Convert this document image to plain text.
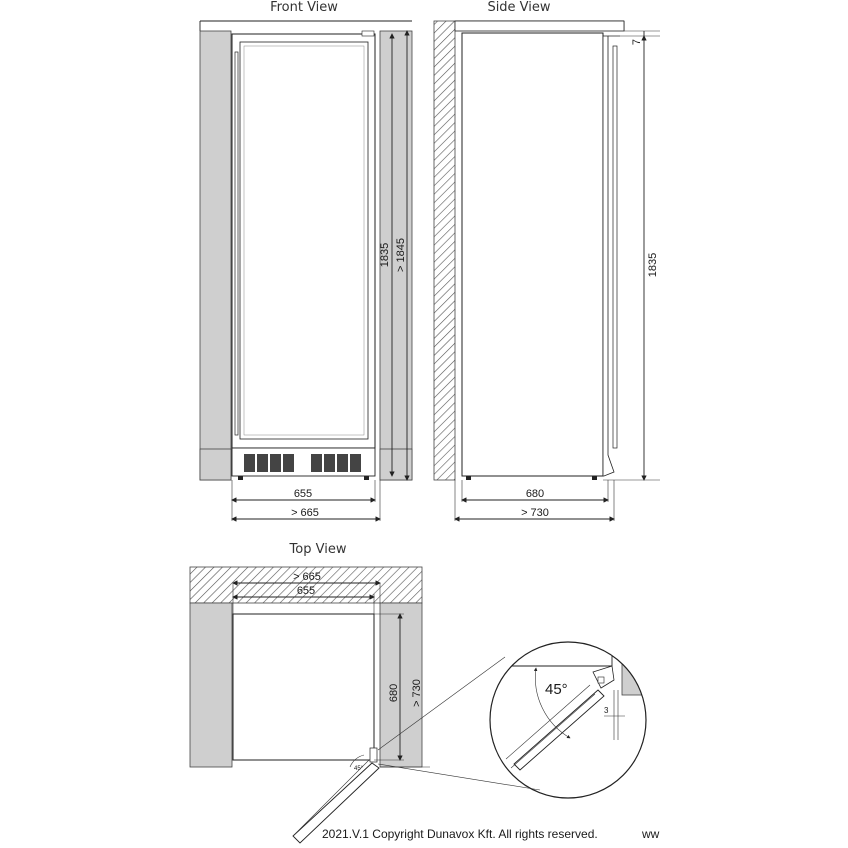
Front View
655
> 665
1835 > 1845
Side View
7
1835
680
> 730
Top View
45°
> 665
655
680 > 730	45°
3
2021.V.1 Copyright Dunavox Kft. All rights reserved.	ww
